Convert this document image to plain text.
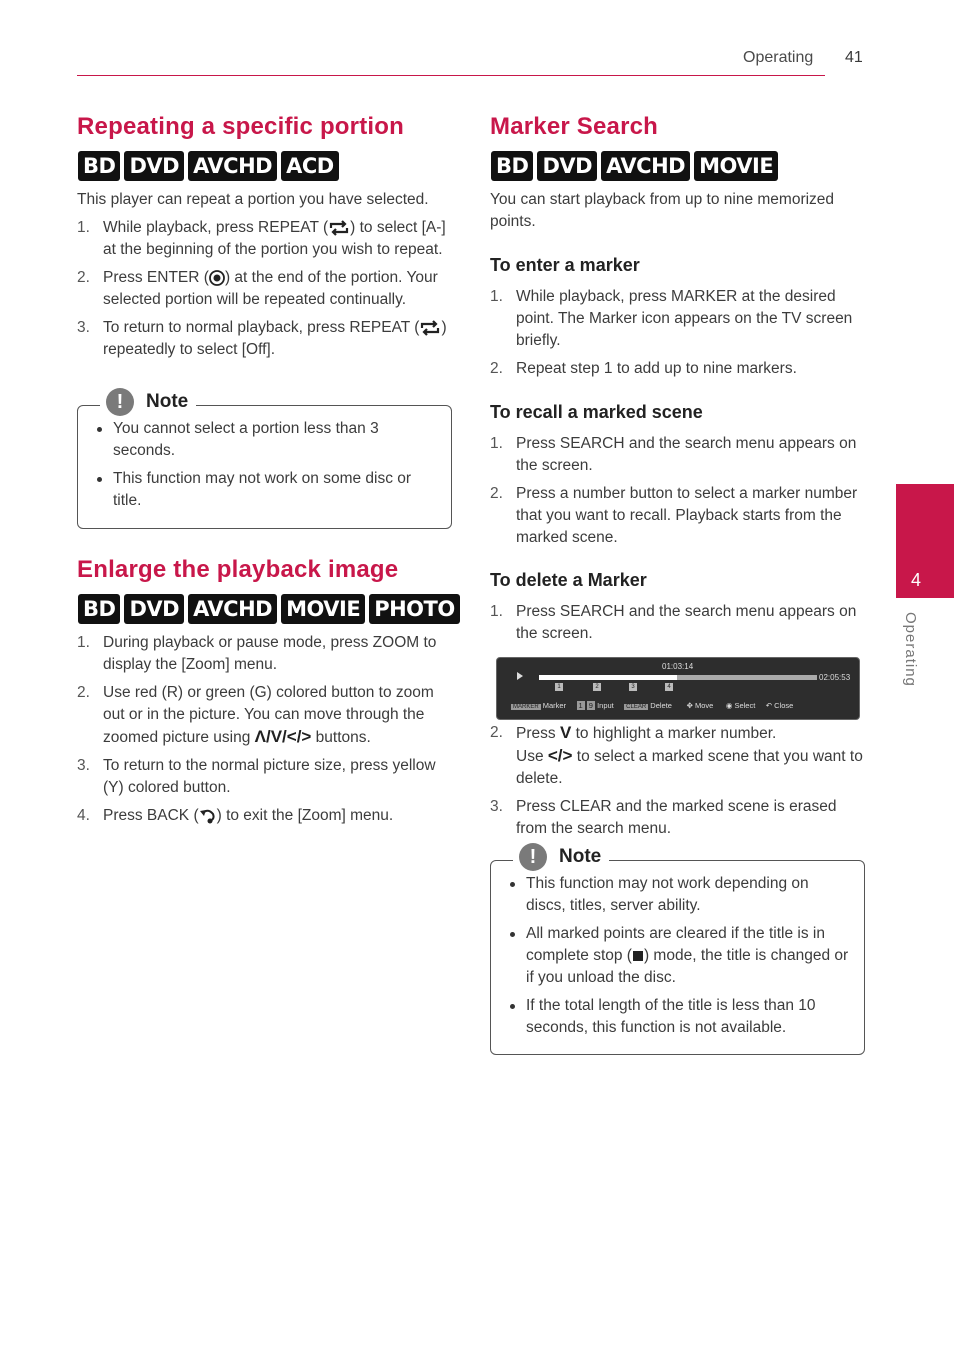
Operating 41
4
Operating
Repeating a specific portion
BD DVD AVCHD ACD
This player can repeat a portion you have selected.
1. While playback, press REPEAT ( ) to select [A-] at the beginning of the portion you wish to repeat.
2. Press ENTER ( ) at the end of the portion. Your selected portion will be repeated continually.
3. To return to normal playback, press REPEAT ( ) repeatedly to select [Off].
!	Note
You cannot select a portion less than 3 seconds.
This function may not work on some disc or title.
Enlarge the playback image
BD DVD AVCHD MOVIE PHOTO
1. During playback or pause mode, press ZOOM to display the [Zoom] menu.
2. Use red (R) or green (G) colored button to zoom out or in the picture. You can move through the zoomed picture using Λ/V/</> buttons.
3. To return to the normal picture size, press yellow (Y) colored button.
4. Press BACK ( ) to exit the [Zoom] menu.
Marker Search
BD DVD AVCHD MOVIE
You can start playback from up to nine memorized points.
To enter a marker
1. While playback, press MARKER at the desired point. The Marker icon appears on the TV screen briefly.
2. Repeat step 1 to add up to nine markers.
To recall a marked scene
1. Press SEARCH and the search menu appears on the screen.
2. Press a number button to select a marker number that you want to recall. Playback starts from the marked scene.
To delete a Marker
1. Press SEARCH and the search menu appears on the screen.
01:03:14
02:05:53
1	2	3	4
MARKER Marker 1 9 Input CLEAR Delete ✥ Move ◉ Select ↶ Close
2. Press V to highlight a marker number.
Use </> to select a marked scene that you want to delete.
3. Press CLEAR and the marked scene is erased from the search menu.
!	Note
This function may not work depending on discs, titles, server ability.
All marked points are cleared if the title is in complete stop ( ) mode, the title is changed or if you unload the disc.
If the total length of the title is less than 10 seconds, this function is not available.
